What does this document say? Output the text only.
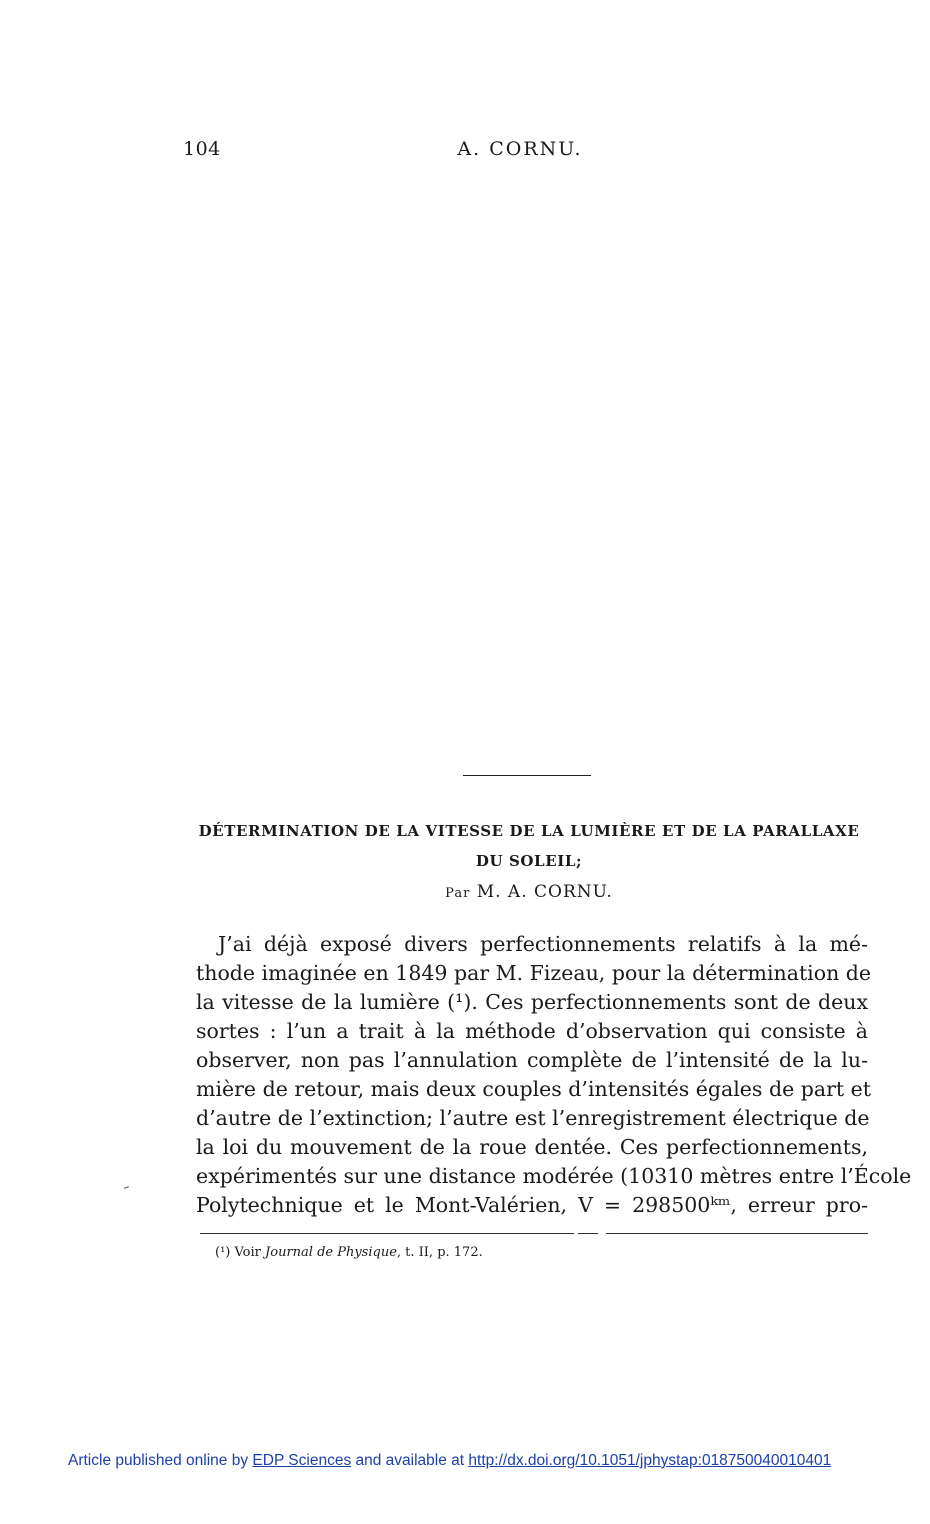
104	A. CORNU.
DÉTERMINATION DE LA VITESSE DE LA LUMIÈRE ET DE LA PARALLAXE
DU SOLEIL;
Par M. A. CORNU.
J’ai déjà exposé divers perfectionnements relatifs à la mé-
thode imaginée en 1849 par M. Fizeau, pour la détermination de
la vitesse de la lumière (¹). Ces perfectionnements sont de deux
sortes : l’un a trait à la méthode d’observation qui consiste à
observer, non pas l’annulation complète de l’intensité de la lu-
mière de retour, mais deux couples d’intensités égales de part et
d’autre de l’extinction; l’autre est l’enregistrement électrique de
la loi du mouvement de la roue dentée. Ces perfectionnements,
expérimentés sur une distance modérée (10310 mètres entre l’École
Polytechnique et le Mont-Valérien, V = 298500ᵏᵐ, erreur pro-
(¹) Voir Journal de Physique, t. II, p. 172.
Article published online by EDP Sciences and available at http://dx.doi.org/10.1051/jphystap:018750040010401
